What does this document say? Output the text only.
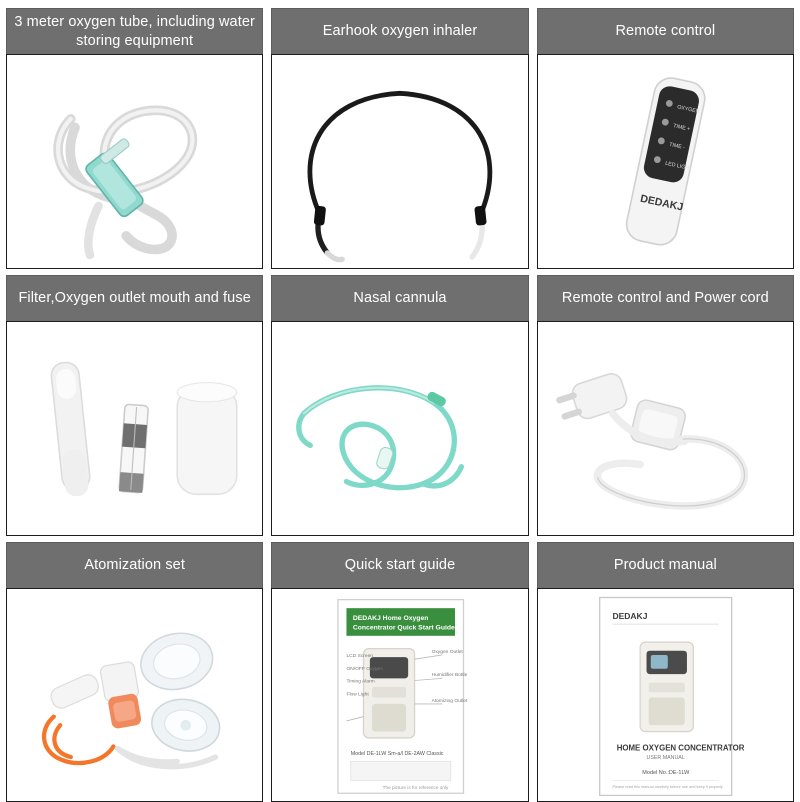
3 meter oxygen tube, including water storing equipment
Earhook oxygen inhaler	Remote control
OXYGEN
TIME +
TIME -
LED LIGHT
DEDAKJ
Filter,Oxygen outlet mouth and fuse	Nasal cannula	Remote control and Power cord
Atomization set	Quick start guide
DEDAKJ Home Oxygen
Concentrator Quick Start Guide
Oxygen Outlet
Humidifier Bottle
Atomizing Outlet
LCD Screen
ON/OFF Oxygen
Timing Alarm
Flow Light
Model DE-1LW Sm-a/l DE-2AW Classic
The picture is for reference only
Product manual
DEDAKJ
HOME OXYGEN CONCENTRATOR
USER MANUAL
Model No.:DE-1LW
Please read this manual carefully before use and keep it properly
